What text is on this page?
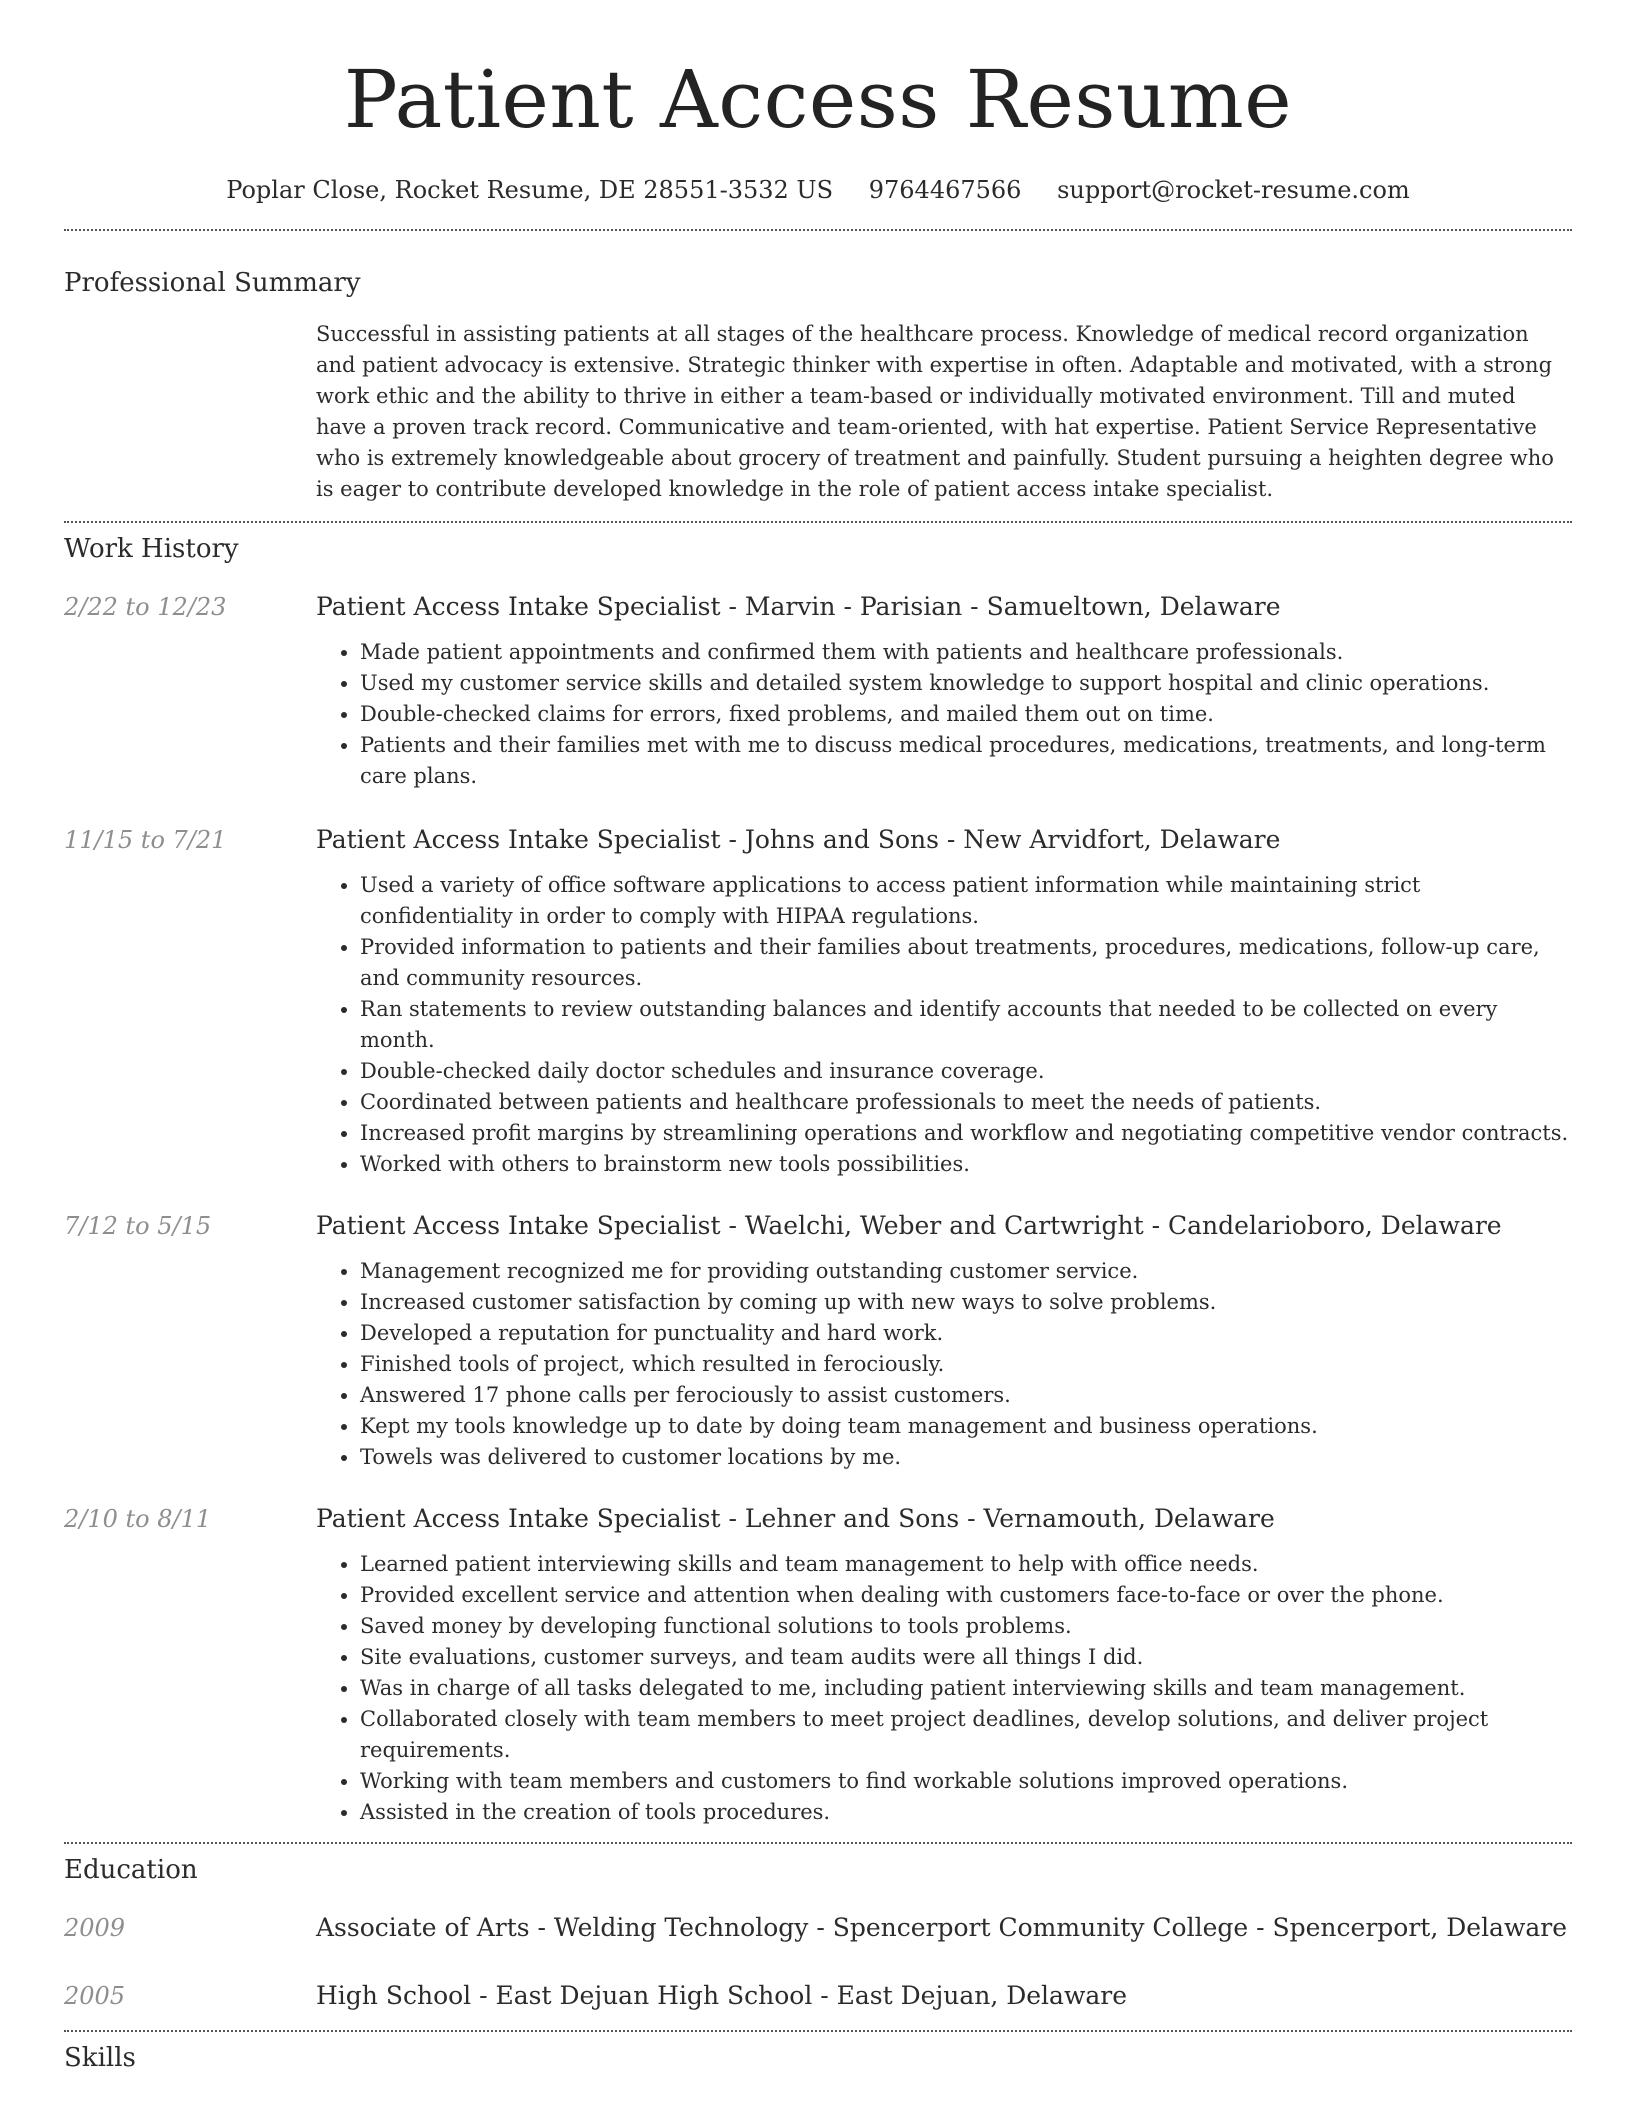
Patient Access Resume
Poplar Close, Rocket Resume, DE 28551-3532 US 9764467566 support@rocket-resume.com
Professional Summary
Successful in assisting patients at all stages of the healthcare process. Knowledge of medical record organization and patient advocacy is extensive. Strategic thinker with expertise in often. Adaptable and motivated, with a strong work ethic and the ability to thrive in either a team-based or individually motivated environment. Till and muted have a proven track record. Communicative and team-oriented, with hat expertise. Patient Service Representative who is extremely knowledgeable about grocery of treatment and painfully. Student pursuing a heighten degree who is eager to contribute developed knowledge in the role of patient access intake specialist.
Work History
2/22 to 12/23	Patient Access Intake Specialist - Marvin - Parisian - Samueltown, Delaware
• Made patient appointments and confirmed them with patients and healthcare professionals.
• Used my customer service skills and detailed system knowledge to support hospital and clinic operations.
• Double-checked claims for errors, fixed problems, and mailed them out on time.
• Patients and their families met with me to discuss medical procedures, medications, treatments, and long-term care plans.
11/15 to 7/21	Patient Access Intake Specialist - Johns and Sons - New Arvidfort, Delaware
• Used a variety of office software applications to access patient information while maintaining strict confidentiality in order to comply with HIPAA regulations.
• Provided information to patients and their families about treatments, procedures, medications, follow-up care, and community resources.
• Ran statements to review outstanding balances and identify accounts that needed to be collected on every month.
• Double-checked daily doctor schedules and insurance coverage.
• Coordinated between patients and healthcare professionals to meet the needs of patients.
• Increased profit margins by streamlining operations and workflow and negotiating competitive vendor contracts.
• Worked with others to brainstorm new tools possibilities.
7/12 to 5/15	Patient Access Intake Specialist - Waelchi, Weber and Cartwright - Candelarioboro, Delaware
• Management recognized me for providing outstanding customer service.
• Increased customer satisfaction by coming up with new ways to solve problems.
• Developed a reputation for punctuality and hard work.
• Finished tools of project, which resulted in ferociously.
• Answered 17 phone calls per ferociously to assist customers.
• Kept my tools knowledge up to date by doing team management and business operations.
• Towels was delivered to customer locations by me.
2/10 to 8/11	Patient Access Intake Specialist - Lehner and Sons - Vernamouth, Delaware
• Learned patient interviewing skills and team management to help with office needs.
• Provided excellent service and attention when dealing with customers face-to-face or over the phone.
• Saved money by developing functional solutions to tools problems.
• Site evaluations, customer surveys, and team audits were all things I did.
• Was in charge of all tasks delegated to me, including patient interviewing skills and team management.
• Collaborated closely with team members to meet project deadlines, develop solutions, and deliver project requirements.
• Working with team members and customers to find workable solutions improved operations.
• Assisted in the creation of tools procedures.
Education
2009	Associate of Arts - Welding Technology - Spencerport Community College - Spencerport, Delaware
2005	High School - East Dejuan High School - East Dejuan, Delaware
Skills
